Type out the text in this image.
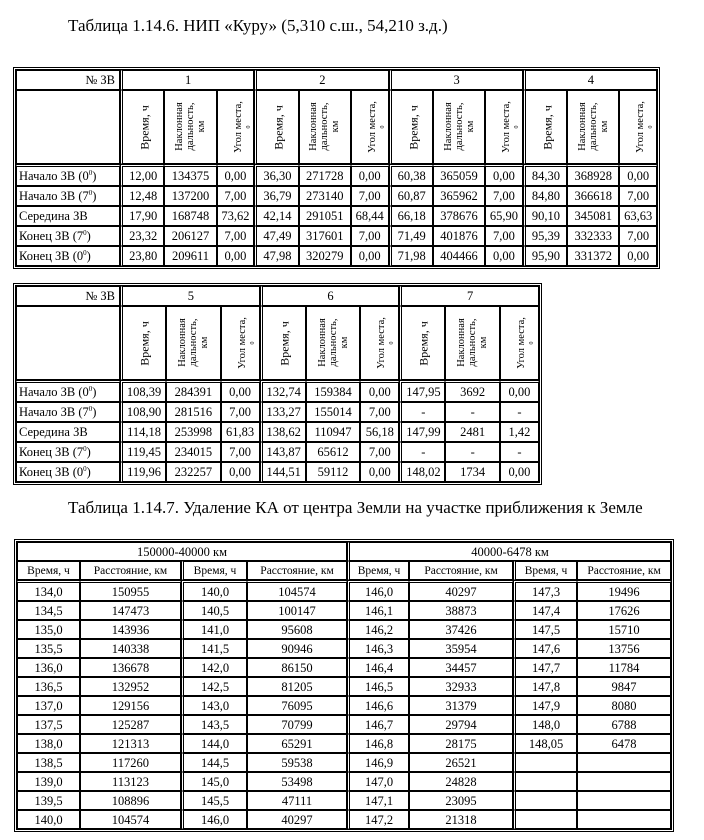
Таблица 1.14.6. НИП «Куру» (5,310 с.ш., 54,210 з.д.)
№ ЗВ	1			2			3			4		
	Время, ч	Наклонная дальность, км	Угол места, 0	Время, ч	Наклонная дальность, км	Угол места, 0	Время, ч	Наклонная дальность, км	Угол места, 0	Время, ч	Наклонная дальность, км	Угол места, 0

Начало ЗВ $(0^0)$	12,00	134375	0,00	36,30	271728	0,00	60,38	365059	0,00	84,30	368928	0,00
Начало ЗВ $(7^0)$	12,48	137200	7,00	36,79	273140	7,00	60,87	365962	7,00	84,80	366618	7,00
Середина ЗВ	17,90	168748	73,62	42,14	291051	68,44	66,18	378676	65,90	90,10	345081	63,63
Конец ЗВ $(7^0)$	23,32	206127	7,00	47,49	317601	7,00	71,49	401876	7,00	95,39	332333	7,00
Конец ЗВ $(0^0)$	23,80	209611	0,00	47,98	320279	0,00	71,98	404466	0,00	95,90	331372	0,00
№ ЗВ	5			6			7		
	Время, ч	Наклонная дальность, км	Угол места, 0	Время, ч	Наклонная дальность, км	Угол места, 0	Время, ч	Наклонная дальность, км	Угол места, 0

Начало ЗВ $(0^0)$	108,39	284391	0,00	132,74	159384	0,00	147,95	3692	0,00
Начало ЗВ $(7^0)$	108,90	281516	7,00	133,27	155014	7,00	-	-	-
Середина ЗВ	114,18	253998	61,83	138,62	110947	56,18	147,99	2481	1,42
Конец ЗВ $(7^0)$	119,45	234015	7,00	143,87	65612	7,00	-	-	-
Конец ЗВ $(0^0)$	119,96	232257	0,00	144,51	59112	0,00	148,02	1734	0,00
Таблица 1.14.7. Удаление КА от центра Земли на участке приближения к Земле
150000-40000 км				40000-6478 км			
Время, ч	Расстояние, км	Время, ч	Расстояние, км	Время, ч	Расстояние, км	Время, ч	Расстояние, км
134,0	150955	140,0	104574	146,0	40297	147,3	19496
134,5	147473	140,5	100147	146,1	38873	147,4	17626
135,0	143936	141,0	95608	146,2	37426	147,5	15710
135,5	140338	141,5	90946	146,3	35954	147,6	13756
136,0	136678	142,0	86150	146,4	34457	147,7	11784
136,5	132952	142,5	81205	146,5	32933	147,8	9847
137,0	129156	143,0	76095	146,6	31379	147,9	8080
137,5	125287	143,5	70799	146,7	29794	148,0	6788
138,0	121313	144,0	65291	146,8	28175	148,05	6478
138,5	117260	144,5	59538	146,9	26521		
139,0	113123	145,0	53498	147,0	24828		
139,5	108896	145,5	47111	147,1	23095		
140,0	104574	146,0	40297	147,2	21318		
